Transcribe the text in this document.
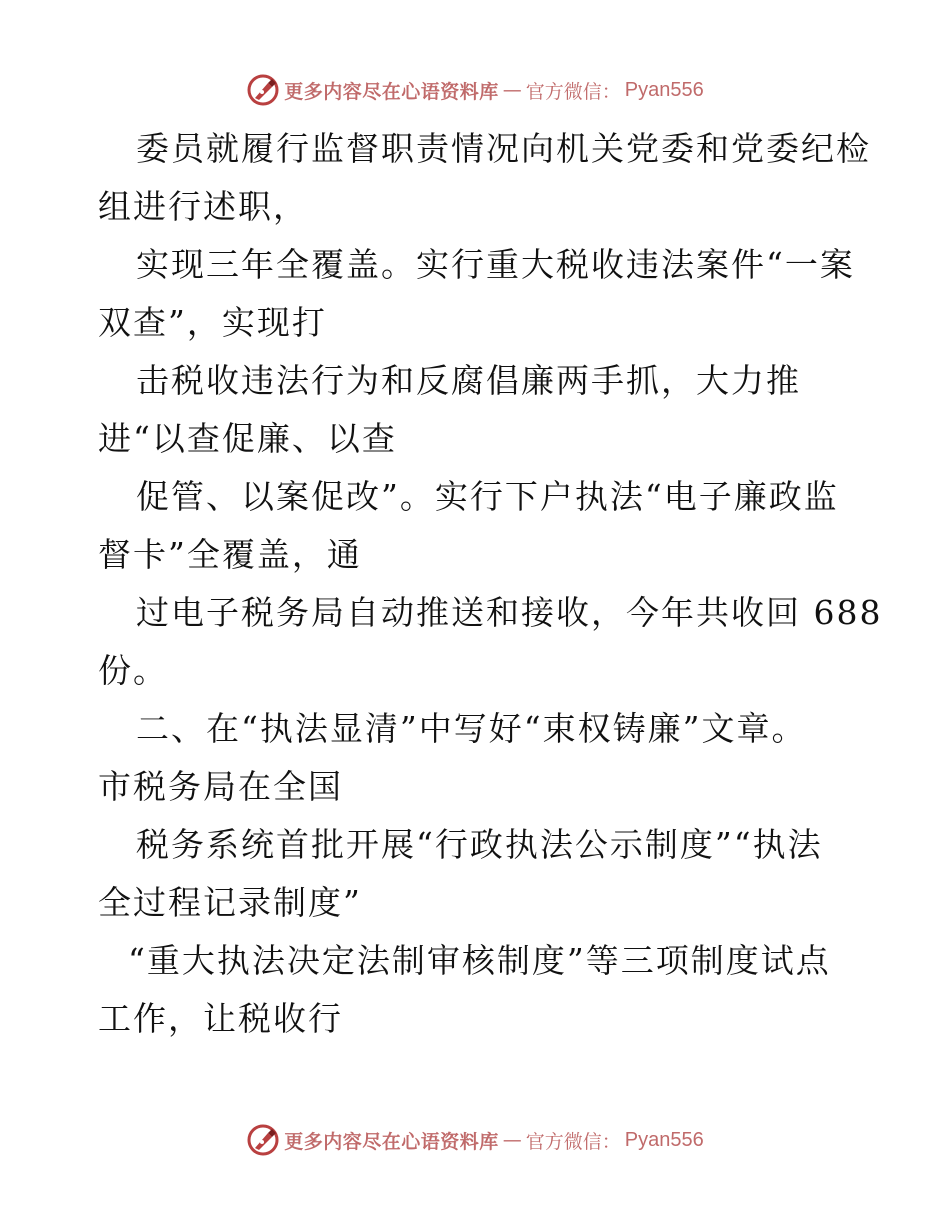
更多内容尽在心语资料库 — 官方微信： Pyan556
委员就履行监督职责情况向机关党委和党委纪检
组进行述职，
实现三年全覆盖。实行重大税收违法案件“一案
双查”，实现打
击税收违法行为和反腐倡廉两手抓，大力推
进“以查促廉、以查
促管、以案促改”。实行下户执法“电子廉政监
督卡”全覆盖，通
过电子税务局自动推送和接收，今年共收回 688
份。
二、在“执法显清”中写好“束权铸廉”文章。
市税务局在全国
税务系统首批开展“行政执法公示制度”“执法
全过程记录制度”
“重大执法决定法制审核制度”等三项制度试点
工作，让税收行
更多内容尽在心语资料库 — 官方微信： Pyan556
